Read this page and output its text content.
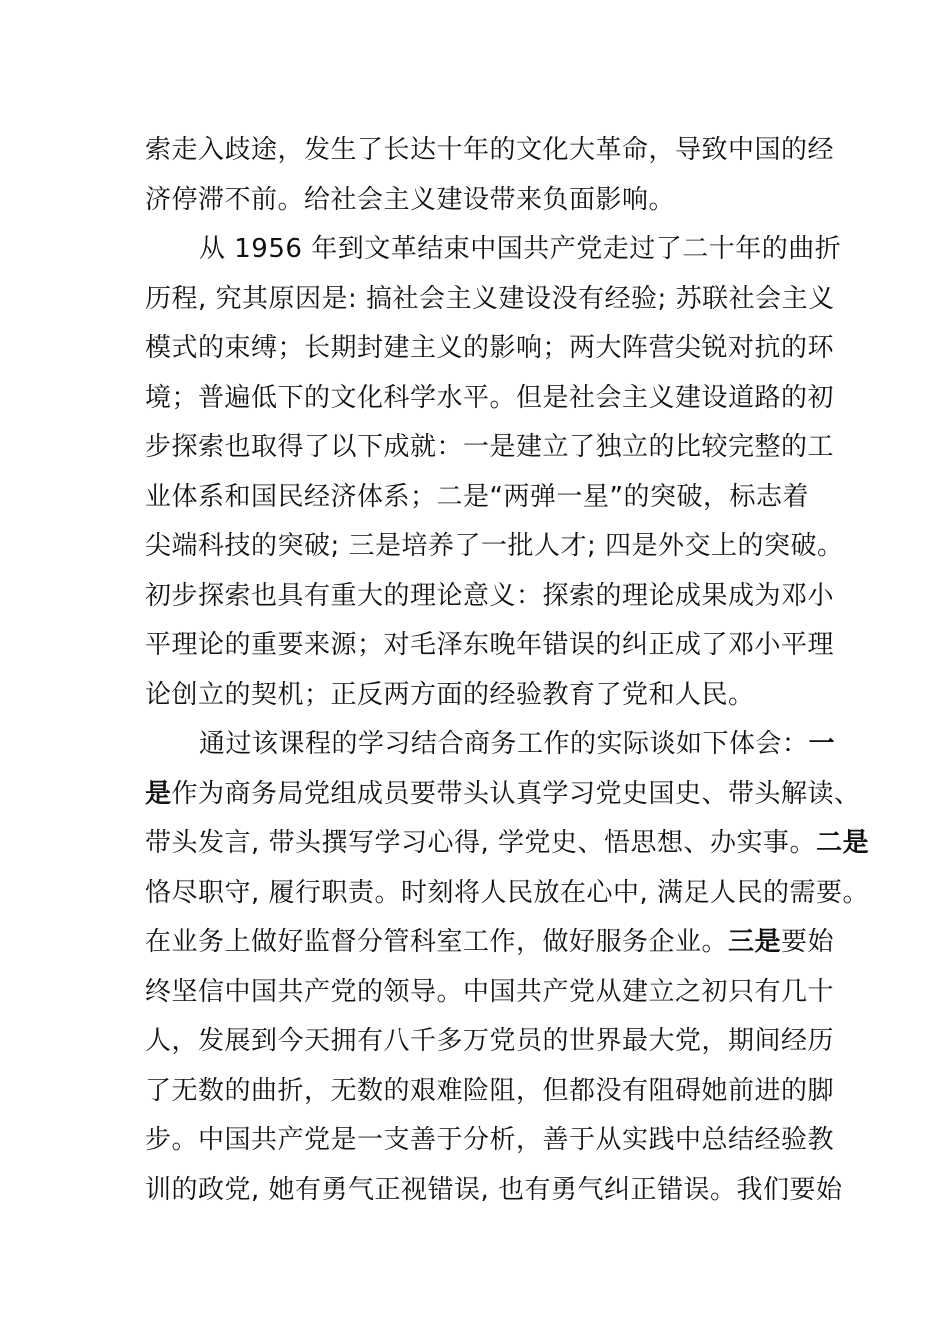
索走入歧途，发生了长达十年的文化大革命，导致中国的经
济停滞不前。给社会主义建设带来负面影响。
从 1956 年到文革结束中国共产党走过了二十年的曲折
历程, 究其原因是: 搞社会主义建设没有经验; 苏联社会主义
模式的束缚；长期封建主义的影响；两大阵营尖锐对抗的环
境；普遍低下的文化科学水平。但是社会主义建设道路的初
步探索也取得了以下成就：一是建立了独立的比较完整的工
业体系和国民经济体系；二是“两弹一星”的突破，标志着
尖端科技的突破; 三是培养了一批人才; 四是外交上的突破。
初步探索也具有重大的理论意义：探索的理论成果成为邓小
平理论的重要来源；对毛泽东晚年错误的纠正成了邓小平理
论创立的契机；正反两方面的经验教育了党和人民。
通过该课程的学习结合商务工作的实际谈如下体会：一
是作为商务局党组成员要带头认真学习党史国史、带头解读、
带头发言, 带头撰写学习心得, 学党史、悟思想、办实事。二是
恪尽职守, 履行职责。时刻将人民放在心中, 满足人民的需要。
在业务上做好监督分管科室工作，做好服务企业。三是要始
终坚信中国共产党的领导。中国共产党从建立之初只有几十
人，发展到今天拥有八千多万党员的世界最大党，期间经历
了无数的曲折，无数的艰难险阻，但都没有阻碍她前进的脚
步。中国共产党是一支善于分析，善于从实践中总结经验教
训的政党, 她有勇气正视错误, 也有勇气纠正错误。我们要始
